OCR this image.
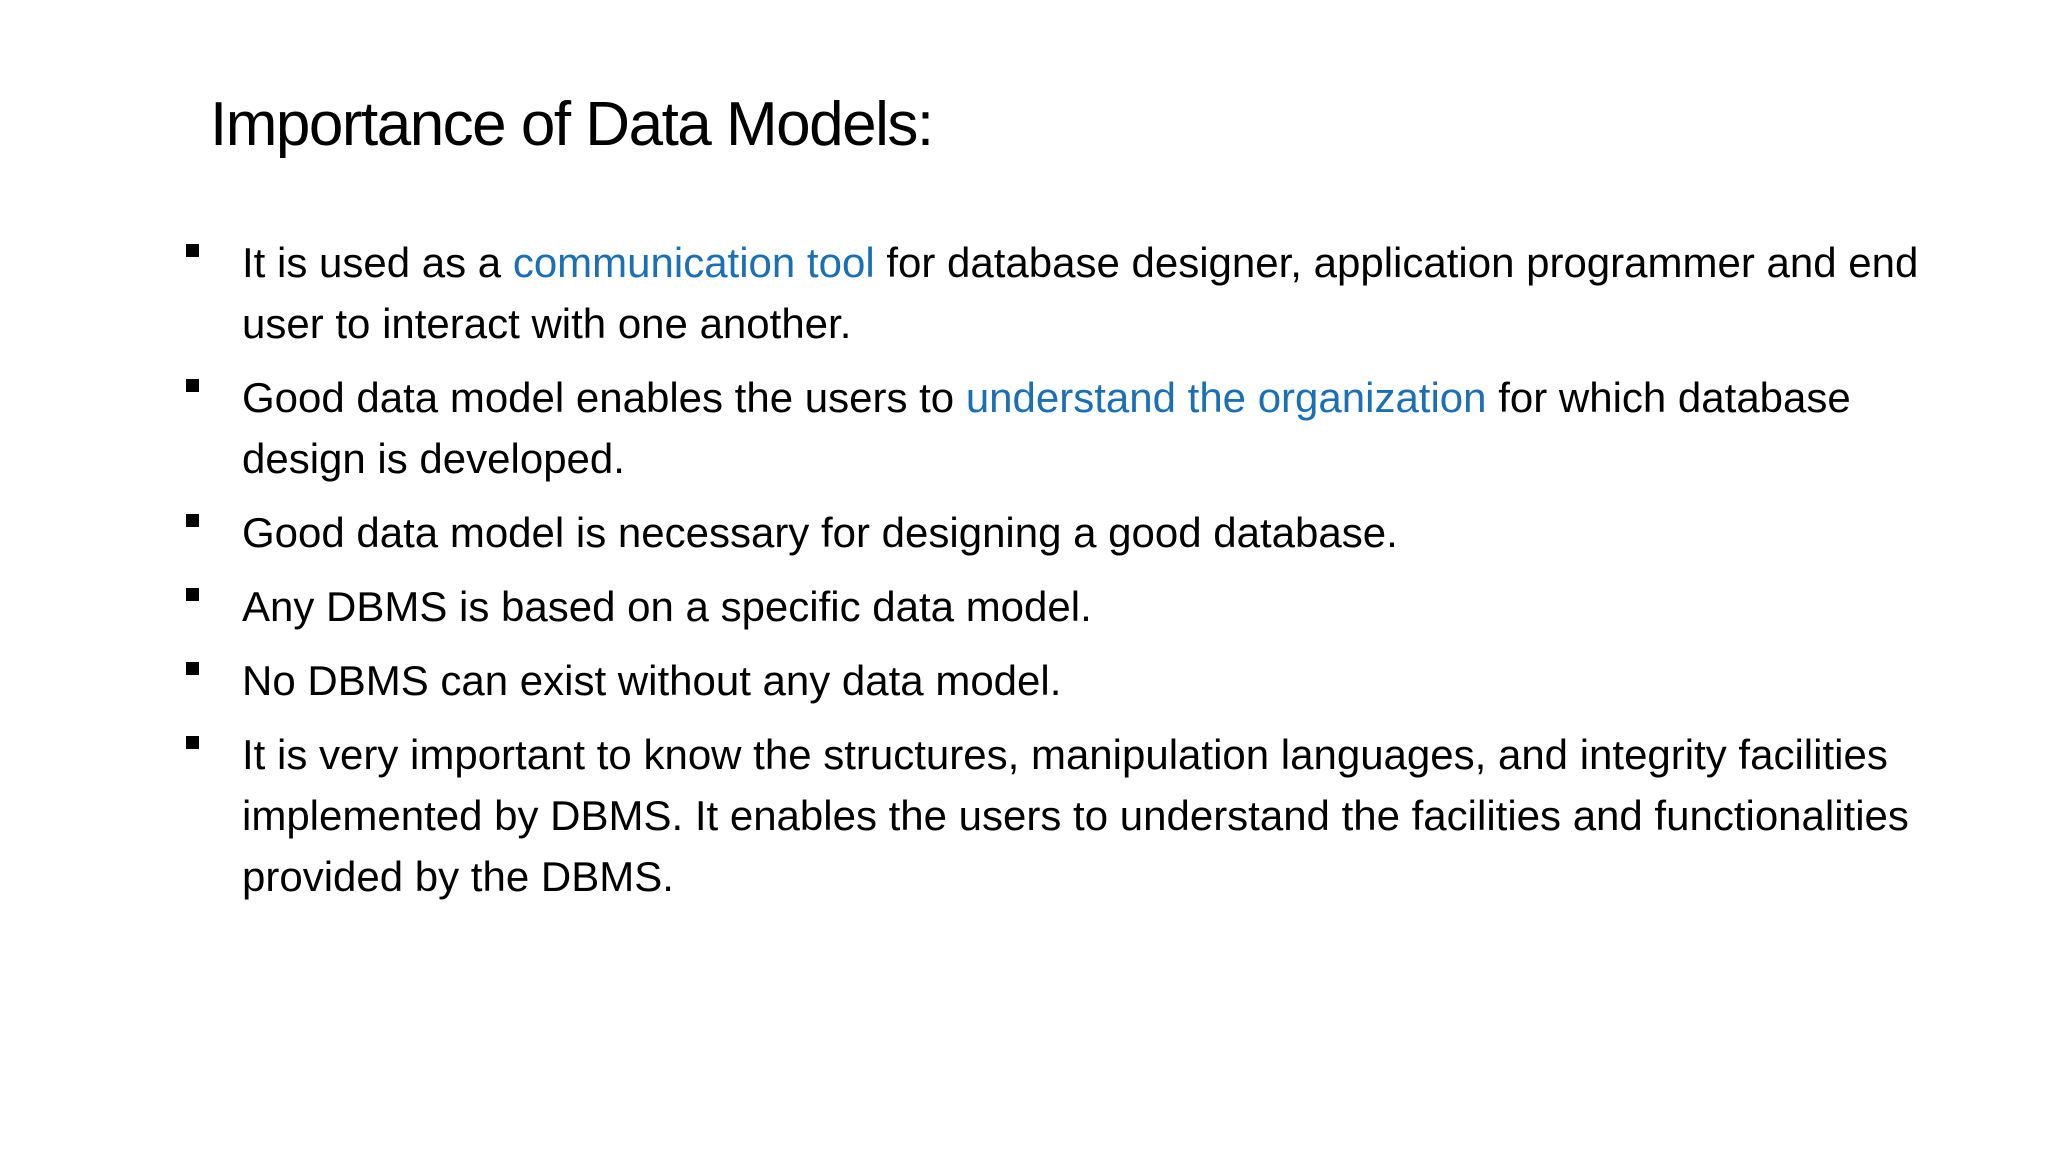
Importance of Data Models:
It is used as a communication tool for database designer, application programmer and end user to interact with one another.
Good data model enables the users to understand the organization for which database design is developed.
Good data model is necessary for designing a good database.
Any DBMS is based on a specific data model.
No DBMS can exist without any data model.
It is very important to know the structures, manipulation languages, and integrity facilities implemented by DBMS. It enables the users to understand the facilities and functionalities provided by the DBMS.
